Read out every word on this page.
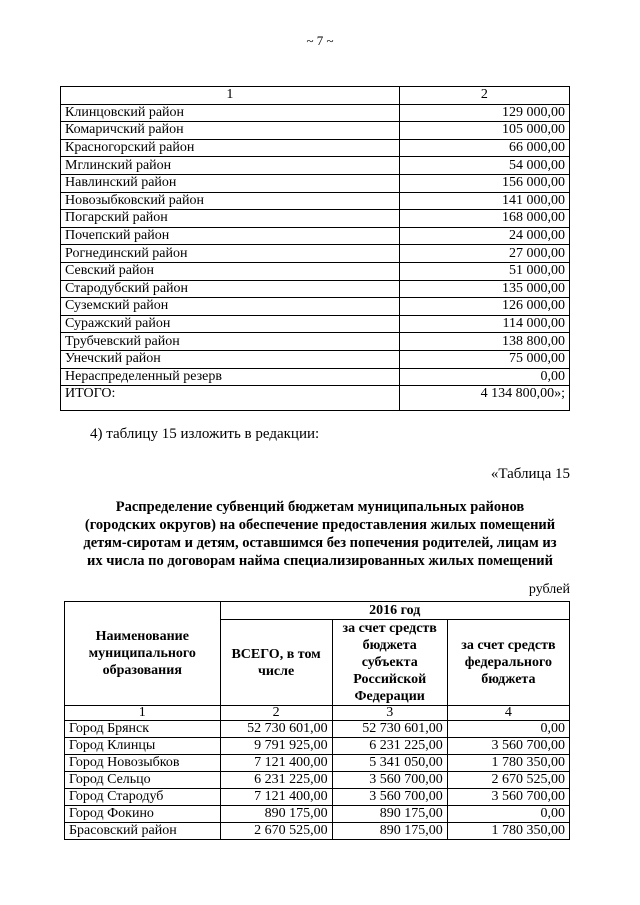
~ 7 ~
1	2
Клинцовский район	129 000,00
Комаричский район	105 000,00
Красногорский район	66 000,00
Мглинский район	54 000,00
Навлинский район	156 000,00
Новозыбковский район	141 000,00
Погарский район	168 000,00
Почепский район	24 000,00
Рогнединский район	27 000,00
Севский район	51 000,00
Стародубский район	135 000,00
Суземский район	126 000,00
Суражский район	114 000,00
Трубчевский район	138 800,00
Унечский район	75 000,00
Нераспределенный резерв	0,00
ИТОГО:	4 134 800,00»;
4) таблицу 15 изложить в редакции:
«Таблица 15
Распределение субвенций бюджетам муниципальных районов
(городских округов) на обеспечение предоставления жилых помещений
детям-сиротам и детям, оставшимся без попечения родителей, лицам из
их числа по договорам найма специализированных жилых помещений
рублей
Наименование муниципального образования	2016 год		
	ВСЕГО, в том числе	за счет средств бюджета субъекта Российской Федерации	за счет средств федерального бюджета
1	2	3	4
Город Брянск	52 730 601,00	52 730 601,00	0,00
Город Клинцы	9 791 925,00	6 231 225,00	3 560 700,00
Город Новозыбков	7 121 400,00	5 341 050,00	1 780 350,00
Город Сельцо	6 231 225,00	3 560 700,00	2 670 525,00
Город Стародуб	7 121 400,00	3 560 700,00	3 560 700,00
Город Фокино	890 175,00	890 175,00	0,00
Брасовский район	2 670 525,00	890 175,00	1 780 350,00
